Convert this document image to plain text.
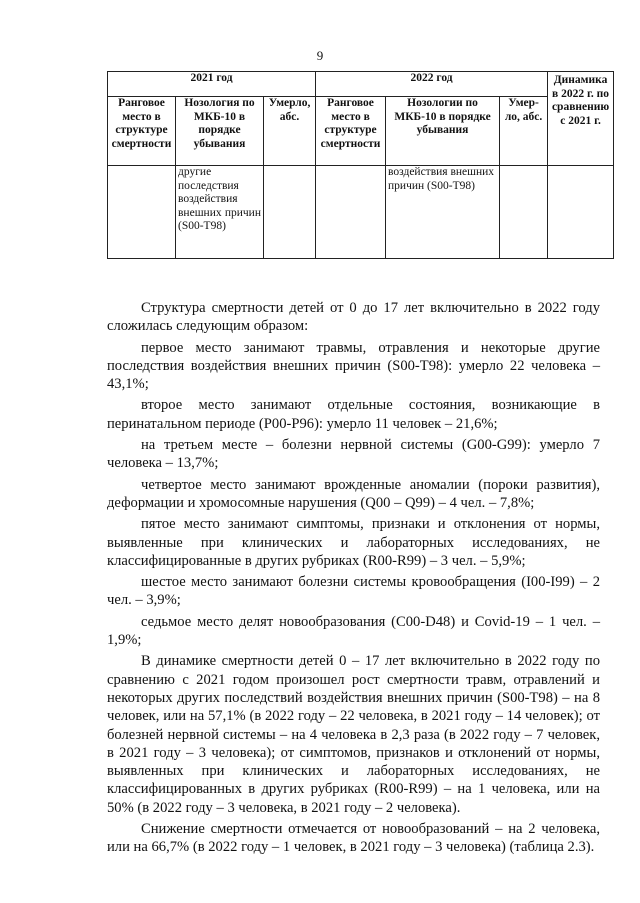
9
2021 год			2022 год			Динамика в 2022 г. по сравнению с 2021 г.
Ранговое место в структуре смертности	Нозология по МКБ-10 в порядке убывания	Умерло, абс.	Ранговое место в структуре смертности	Нозологии по МКБ-10 в порядке убывания	Умер-ло, абс.	
	другие последствия воздействия внешних причин (S00-T98)			воздействия внешних причин (S00-T98)		

Структура смертности детей от 0 до 17 лет включительно в 2022 году сложилась следующим образом:

первое место занимают травмы, отравления и некоторые другие последствия воздействия внешних причин (S00-T98): умерло 22 человека – 43,1%;

второе место занимают отдельные состояния, возникающие в перинатальном периоде (P00-P96): умерло 11 человек – 21,6%;

на третьем месте – болезни нервной системы (G00-G99): умерло 7 человека – 13,7%;

четвертое место занимают врожденные аномалии (пороки развития), деформации и хромосомные нарушения (Q00 – Q99) – 4 чел. – 7,8%;

пятое место занимают симптомы, признаки и отклонения от нормы, выявленные при клинических и лабораторных исследованиях, не классифицированные в других рубриках (R00-R99) – 3 чел. – 5,9%;

шестое место занимают болезни системы кровообращения (I00-I99) – 2 чел. – 3,9%;

седьмое место делят новообразования (C00-D48) и Covid-19 – 1 чел. – 1,9%;

В динамике смертности детей 0 – 17 лет включительно в 2022 году по сравнению с 2021 годом произошел рост смертности травм, отравлений и некоторых других последствий воздействия внешних причин (S00-T98) – на 8 человек, или на 57,1% (в 2022 году – 22 человека, в 2021 году – 14 человек); от болезней нервной системы – на 4 человека в 2,3 раза (в 2022 году – 7 человек, в 2021 году – 3 человека); от симптомов, признаков и отклонений от нормы, выявленных при клинических и лабораторных исследованиях, не классифицированных в других рубриках (R00-R99) – на 1 человека, или на 50% (в 2022 году – 3 человека, в 2021 году – 2 человека).

Снижение смертности отмечается от новообразований – на 2 человека, или на 66,7% (в 2022 году – 1 человек, в 2021 году – 3 человека) (таблица 2.3).
